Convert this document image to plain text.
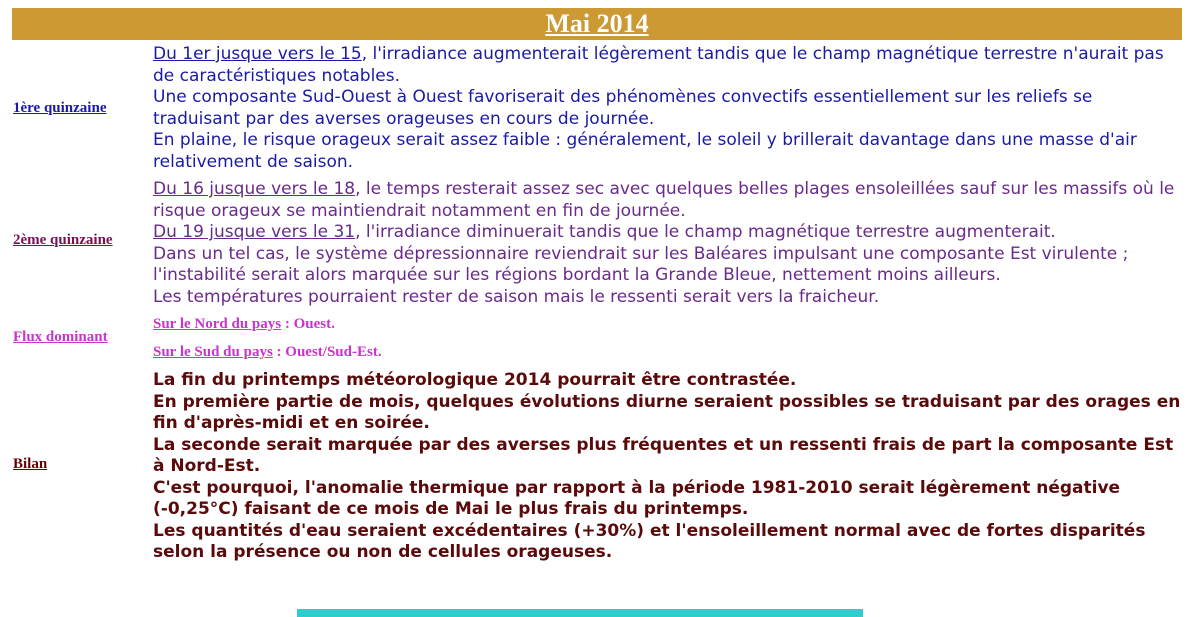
Mai 2014
1ère quinzaine	Du 1er jusque vers le 15, l'irradiance augmenterait légèrement tandis que le champ magnétique terrestre n'aurait pas de caractéristiques notables.

Une composante Sud-Ouest à Ouest favoriserait des phénomènes convectifs essentiellement sur les reliefs se traduisant par des averses orageuses en cours de journée.

En plaine, le risque orageux serait assez faible : généralement, le soleil y brillerait davantage dans une masse d'air relativement de saison.

2ème quinzaine	Du 16 jusque vers le 18, le temps resterait assez sec avec quelques belles plages ensoleillées sauf sur les massifs où le risque orageux se maintiendrait notamment en fin de journée.

Du 19 jusque vers le 31, l'irradiance diminuerait tandis que le champ magnétique terrestre augmenterait.

Dans un tel cas, le système dépressionnaire reviendrait sur les Baléares impulsant une composante Est virulente ; l'instabilité serait alors marquée sur les régions bordant la Grande Bleue, nettement moins ailleurs.

Les températures pourraient rester de saison mais le ressenti serait vers la fraicheur.

Flux dominant	Sur le Nord du pays : Ouest.

Sur le Sud du pays : Ouest/Sud-Est.

Bilan	La fin du printemps météorologique 2014 pourrait être contrastée.

En première partie de mois, quelques évolutions diurne seraient possibles se traduisant par des orages en fin d'après-midi et en soirée.

La seconde serait marquée par des averses plus fréquentes et un ressenti frais de part la composante Est à Nord-Est.

C'est pourquoi, l'anomalie thermique par rapport à la période 1981-2010 serait légèrement négative (-0,25°C) faisant de ce mois de Mai le plus frais du printemps.

Les quantités d'eau seraient excédentaires (+30%) et l'ensoleillement normal avec de fortes disparités selon la présence ou non de cellules orageuses.
